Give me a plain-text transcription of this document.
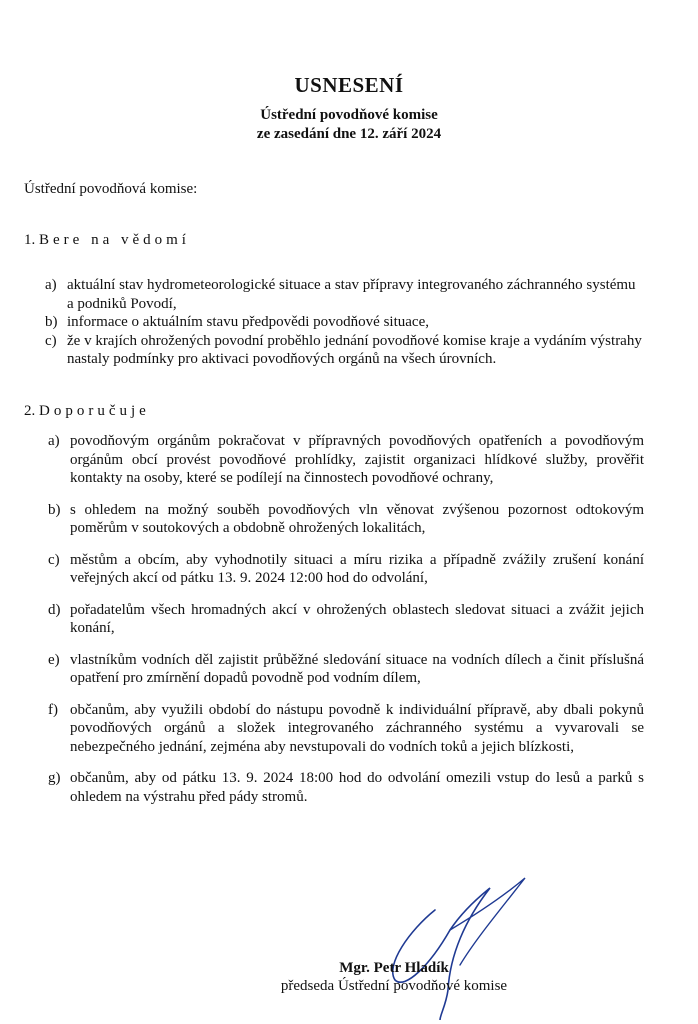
USNESENÍ
Ústřední povodňové komise
ze zasedání dne 12. září 2024
Ústřední povodňová komise:
1. Bere na vědomí
a) aktuální stav hydrometeorologické situace a stav přípravy integrovaného záchranného systému a podniků Povodí,
b) informace o aktuálním stavu předpovědi povodňové situace,
c) že v krajích ohrožených povodní proběhlo jednání povodňové komise kraje a vydáním výstrahy nastaly podmínky pro aktivaci povodňových orgánů na všech úrovních.
2. Doporučuje
a) povodňovým orgánům pokračovat v přípravných povodňových opatřeních a povodňovým orgánům obcí provést povodňové prohlídky, zajistit organizaci hlídkové služby, prověřit kontakty na osoby, které se podílejí na činnostech povodňové ochrany,
b) s ohledem na možný souběh povodňových vln věnovat zvýšenou pozornost odtokovým poměrům v soutokových a obdobně ohrožených lokalitách,
c) městům a obcím, aby vyhodnotily situaci a míru rizika a případně zvážily zrušení konání veřejných akcí od pátku 13. 9. 2024 12:00 hod do odvolání,
d) pořadatelům všech hromadných akcí v ohrožených oblastech sledovat situaci a zvážit jejich konání,
e) vlastníkům vodních děl zajistit průběžné sledování situace na vodních dílech a činit příslušná opatření pro zmírnění dopadů povodně pod vodním dílem,
f) občanům, aby využili období do nástupu povodně k individuální přípravě, aby dbali pokynů povodňových orgánů a složek integrovaného záchranného systému a vyvarovali se nebezpečného jednání, zejména aby nevstupovali do vodních toků a jejich blízkosti,
g) občanům, aby od pátku 13. 9. 2024 18:00 hod do odvolání omezili vstup do lesů a parků s ohledem na výstrahu před pády stromů.
Mgr. Petr Hladík
předseda Ústřední povodňové komise
